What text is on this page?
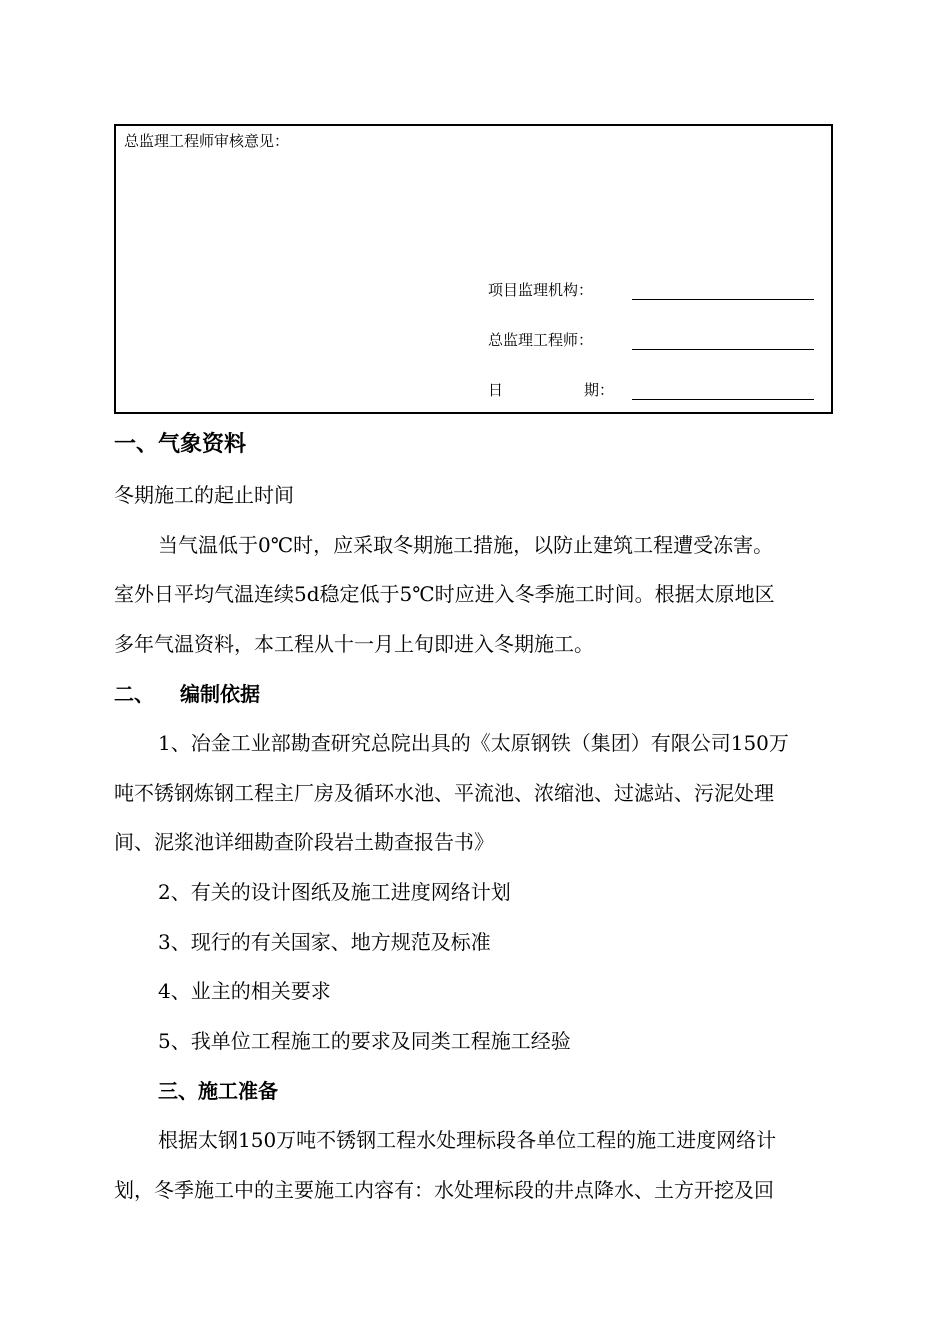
总监理工程师审核意见：
项目监理机构：
总监理工程师：
日	期：
一、气象资料
冬期施工的起止时间
当气温低于0℃时，应采取冬期施工措施，以防止建筑工程遭受冻害。
室外日平均气温连续5d稳定低于5℃时应进入冬季施工时间。根据太原地区
多年气温资料，本工程从十一月上旬即进入冬期施工。
二、 编制依据
1、冶金工业部勘查研究总院出具的《太原钢铁（集团）有限公司150万
吨不锈钢炼钢工程主厂房及循环水池、平流池、浓缩池、过滤站、污泥处理
间、泥浆池详细勘查阶段岩土勘查报告书》
2、有关的设计图纸及施工进度网络计划
3、现行的有关国家、地方规范及标准
4、业主的相关要求
5、我单位工程施工的要求及同类工程施工经验
三、施工准备
根据太钢150万吨不锈钢工程水处理标段各单位工程的施工进度网络计
划，冬季施工中的主要施工内容有：水处理标段的井点降水、土方开挖及回
